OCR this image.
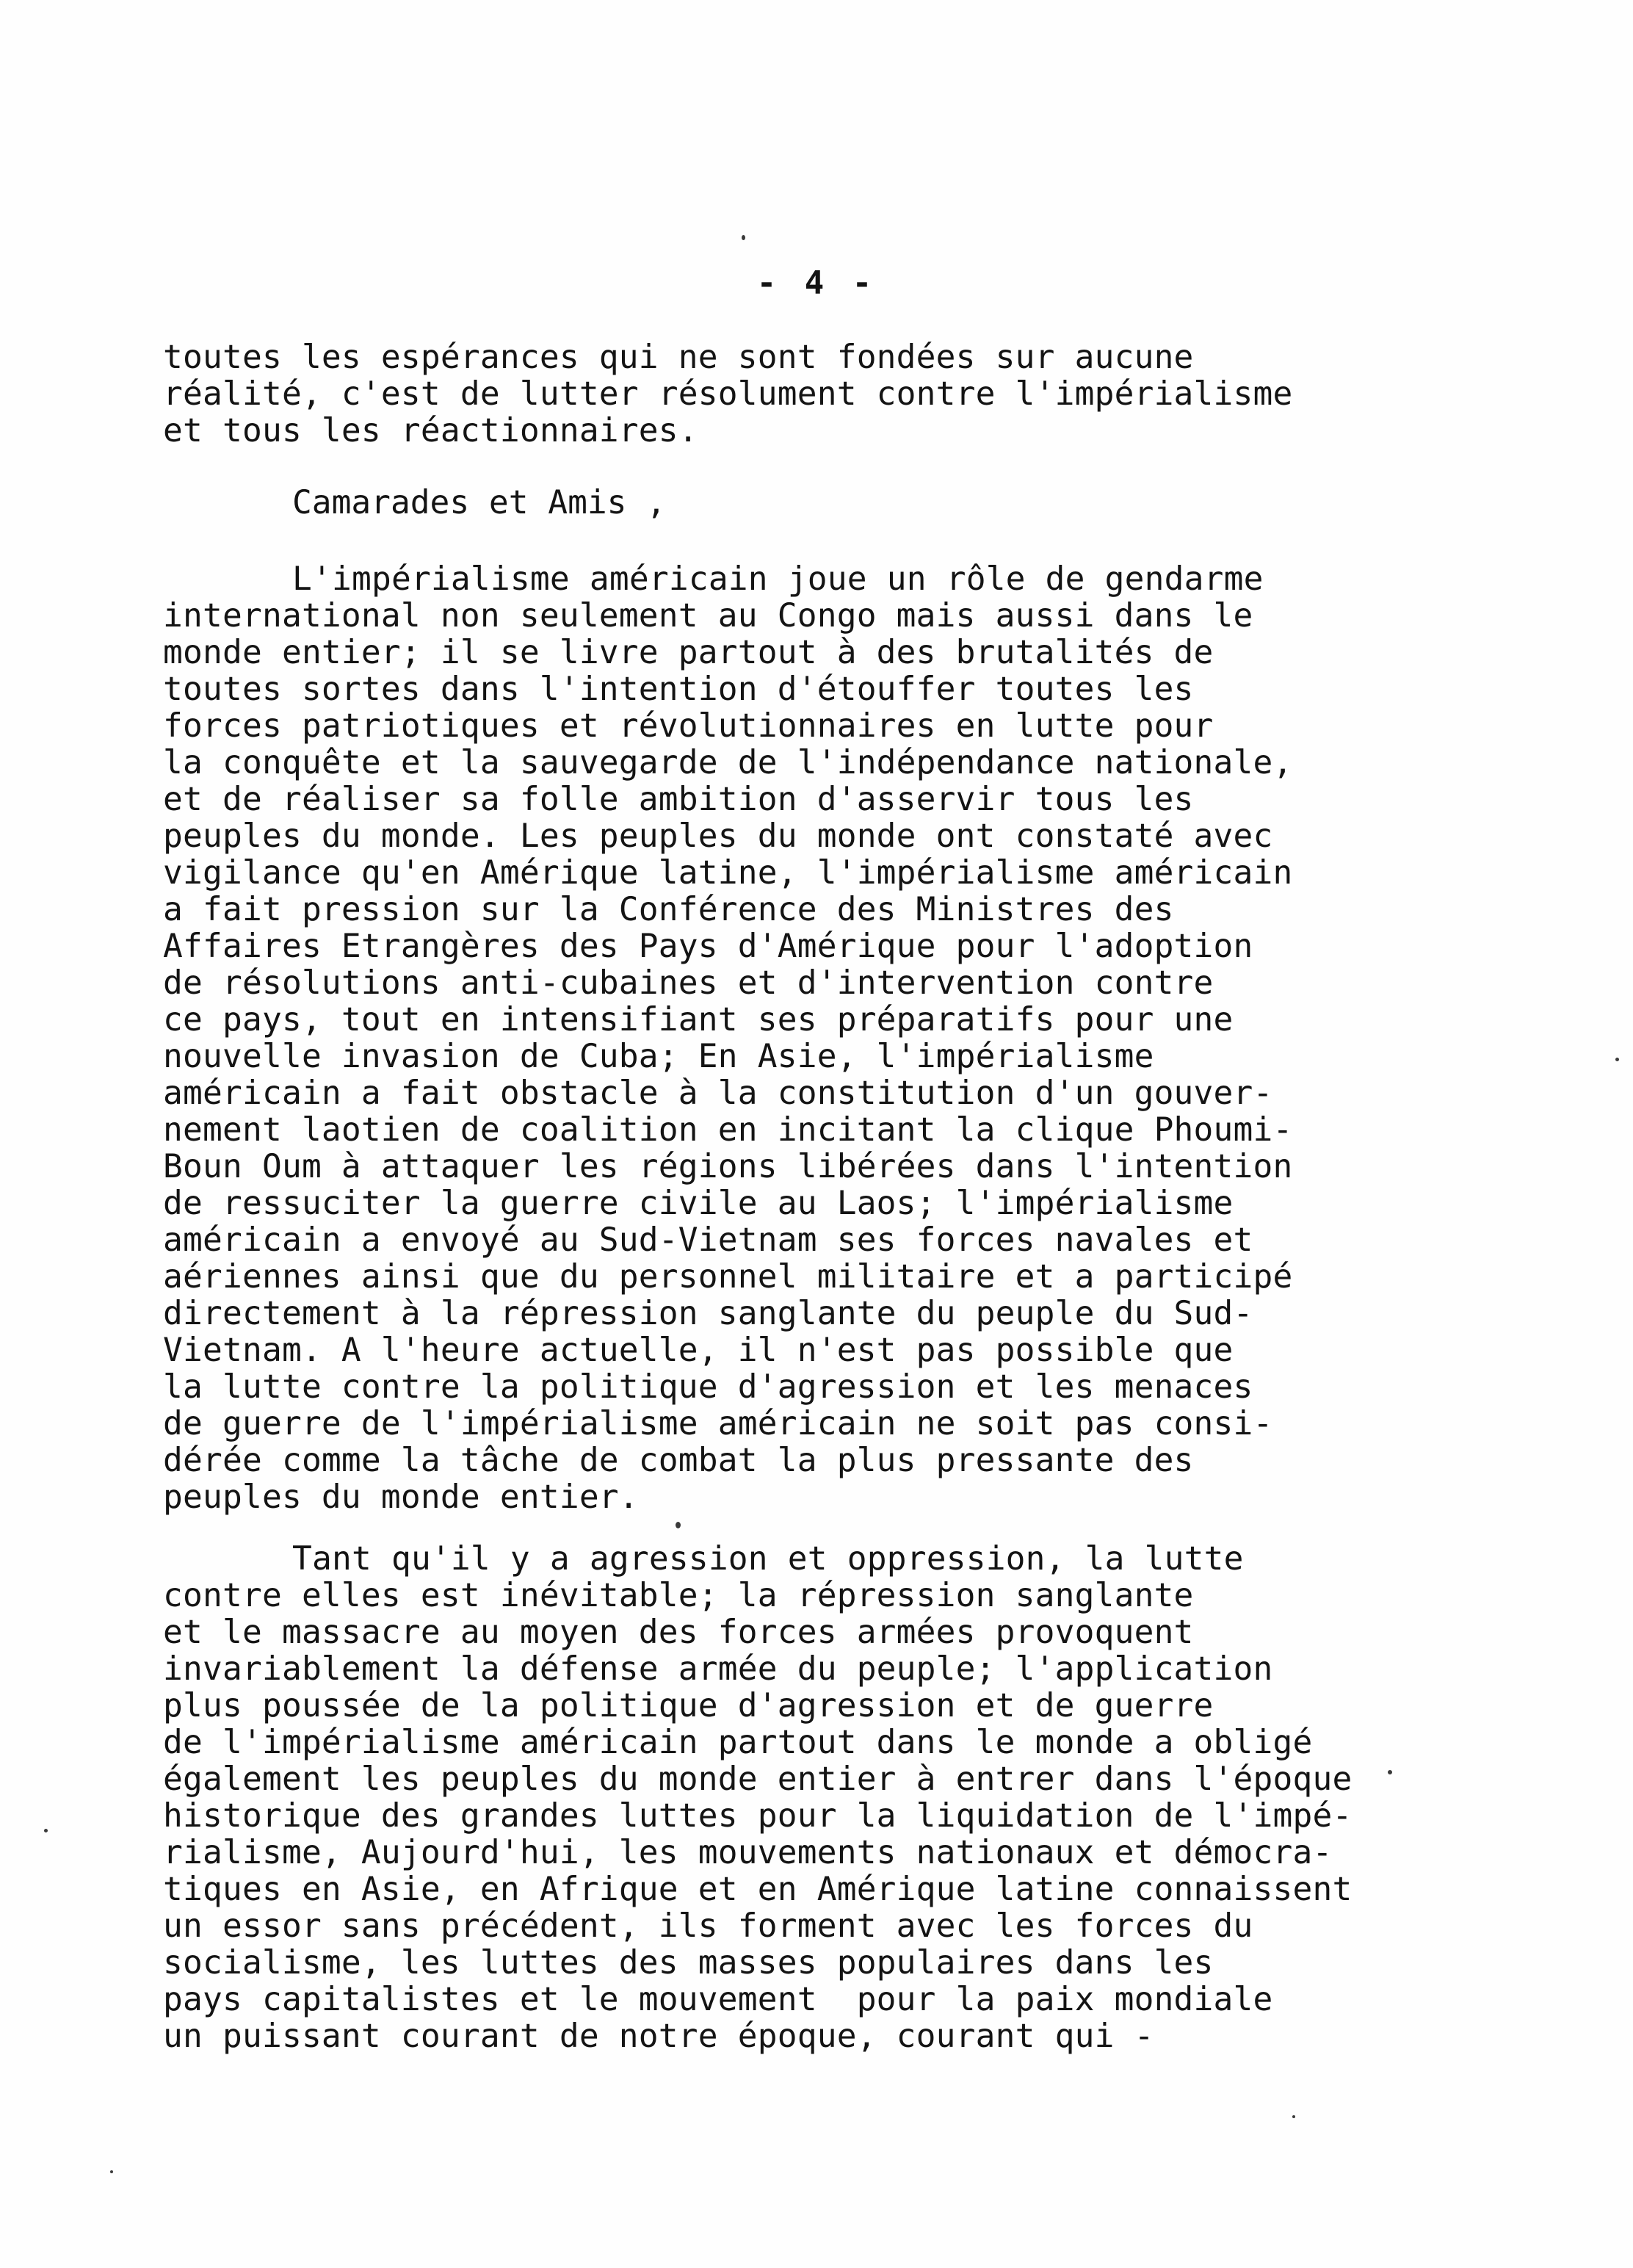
- 4 -
toutes les espérances qui ne sont fondées sur aucune
réalité, c'est de lutter résolument contre l'impérialisme
et tous les réactionnaires.
Camarades et Amis ,
L'impérialisme américain joue un rôle de gendarme
international non seulement au Congo mais aussi dans le
monde entier; il se livre partout à des brutalités de
toutes sortes dans l'intention d'étouffer toutes les
forces patriotiques et révolutionnaires en lutte pour
la conquête et la sauvegarde de l'indépendance nationale,
et de réaliser sa folle ambition d'asservir tous les
peuples du monde. Les peuples du monde ont constaté avec
vigilance qu'en Amérique latine, l'impérialisme américain
a fait pression sur la Conférence des Ministres des
Affaires Etrangères des Pays d'Amérique pour l'adoption
de résolutions anti-cubaines et d'intervention contre
ce pays, tout en intensifiant ses préparatifs pour une
nouvelle invasion de Cuba; En Asie, l'impérialisme
américain a fait obstacle à la constitution d'un gouver-
nement laotien de coalition en incitant la clique Phoumi-
Boun Oum à attaquer les régions libérées dans l'intention
de ressuciter la guerre civile au Laos; l'impérialisme
américain a envoyé au Sud-Vietnam ses forces navales et
aériennes ainsi que du personnel militaire et a participé
directement à la répression sanglante du peuple du Sud-
Vietnam. A l'heure actuelle, il n'est pas possible que
la lutte contre la politique d'agression et les menaces
de guerre de l'impérialisme américain ne soit pas consi-
dérée comme la tâche de combat la plus pressante des
peuples du monde entier.
Tant qu'il y a agression et oppression, la lutte
contre elles est inévitable; la répression sanglante
et le massacre au moyen des forces armées provoquent
invariablement la défense armée du peuple; l'application
plus poussée de la politique d'agression et de guerre
de l'impérialisme américain partout dans le monde a obligé
également les peuples du monde entier à entrer dans l'époque
historique des grandes luttes pour la liquidation de l'impé-
rialisme, Aujourd'hui, les mouvements nationaux et démocra-
tiques en Asie, en Afrique et en Amérique latine connaissent
un essor sans précédent, ils forment avec les forces du
socialisme, les luttes des masses populaires dans les
pays capitalistes et le mouvement  pour la paix mondiale
un puissant courant de notre époque, courant qui -
